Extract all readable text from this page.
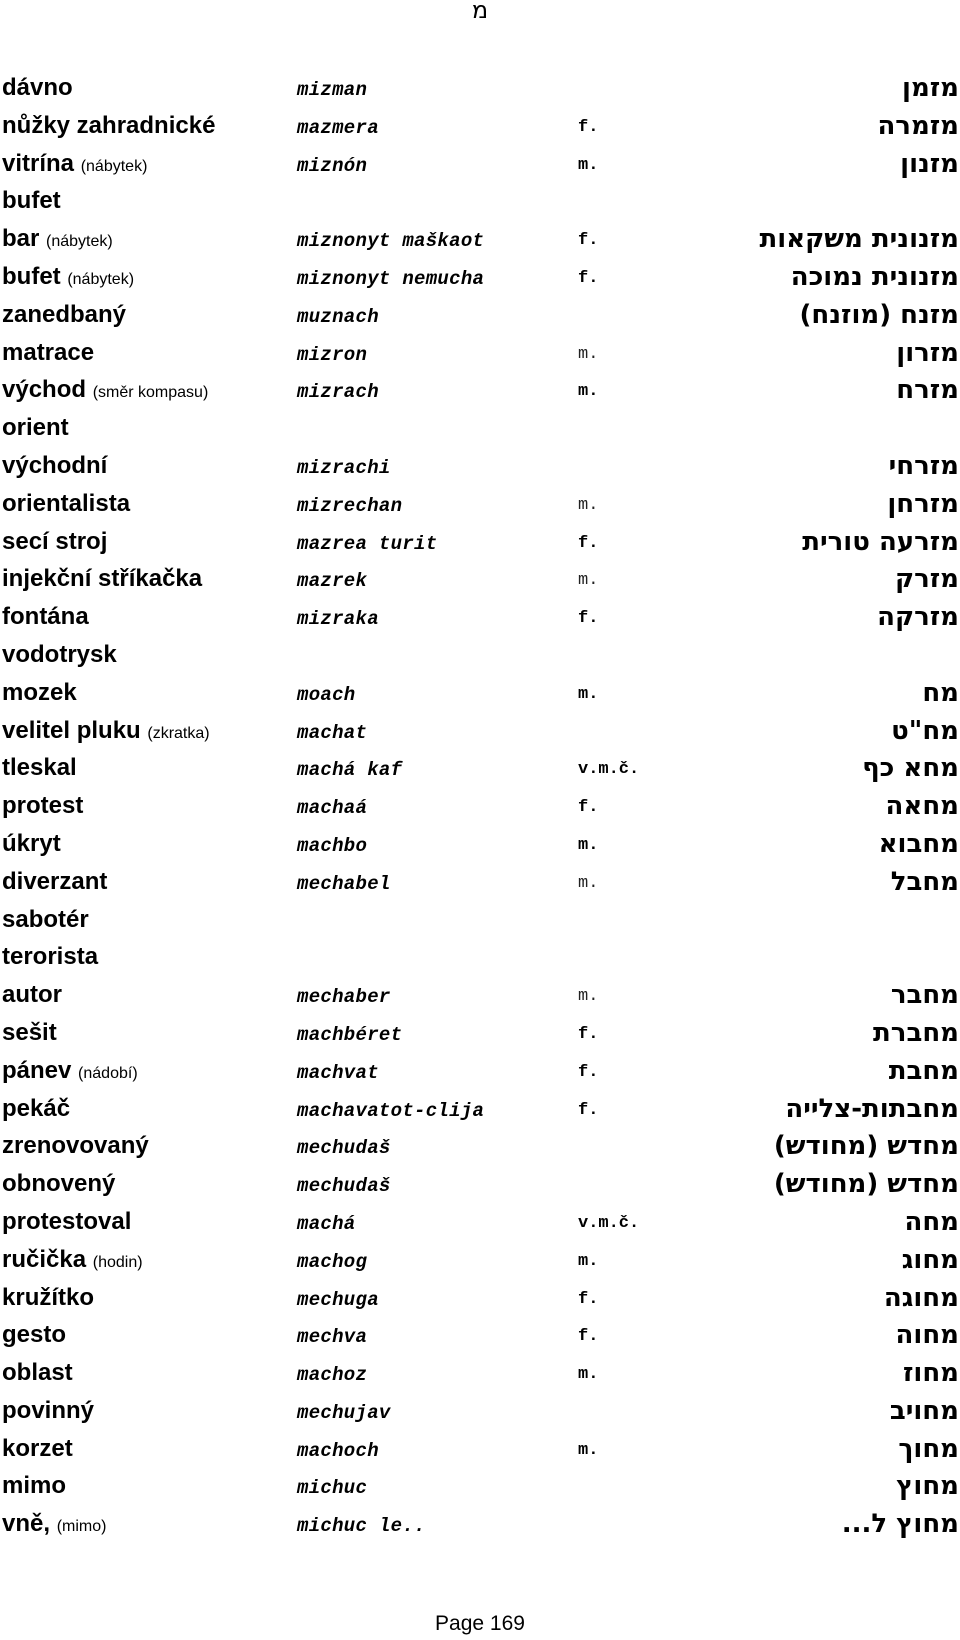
מ
dávno	mizman	מזמן
nůžky zahradnické	mazmera	f.	מזמרה
vitrína (nábytek)	miznón	m.	מזנון
bufet
bar (nábytek)	miznonyt maškaot	f.	מזנונית משקאות
bufet (nábytek)	miznonyt nemucha	f.	מזנונית נמוכה
zanedbaný	muznach	מזנח (מוזנח)
matrace	mizron	m.	מזרון
východ (směr kompasu)	mizrach	m.	מזרח
orient
východní	mizrachi	מזרחי
orientalista	mizrechan	m.	מזרחן
secí stroj	mazrea turit	f.	מזרעה טורית
injekční stříkačka	mazrek	m.	מזרק
fontána	mizraka	f.	מזרקה
vodotrysk
mozek	moach	m.	מח
velitel pluku (zkratka)	machat	מח"ט
tleskal	machá kaf	v.m.č.	מחא כף
protest	machaá	f.	מחאה
úkryt	machbo	m.	מחבוא
diverzant	mechabel	m.	מחבל
sabotér
terorista
autor	mechaber	m.	מחבר
sešit	machbéret	f.	מחברת
pánev (nádobí)	machvat	f.	מחבת
pekáč	machavatot-clija	f.	מחבתות-צלייה
zrenovovaný	mechudaš	מחדש (מחודש)
obnovený	mechudaš	מחדש (מחודש)
protestoval	machá	v.m.č.	מחה
ručička (hodin)	machog	m.	מחוג
kružítko	mechuga	f.	מחוגה
gesto	mechva	f.	מחוה
oblast	machoz	m.	מחוז
povinný	mechujav	מחויב
korzet	machoch	m.	מחוך
mimo	michuc	מחוץ
vně, (mimo)	michuc le..	מחוץ ל...
Page 169
